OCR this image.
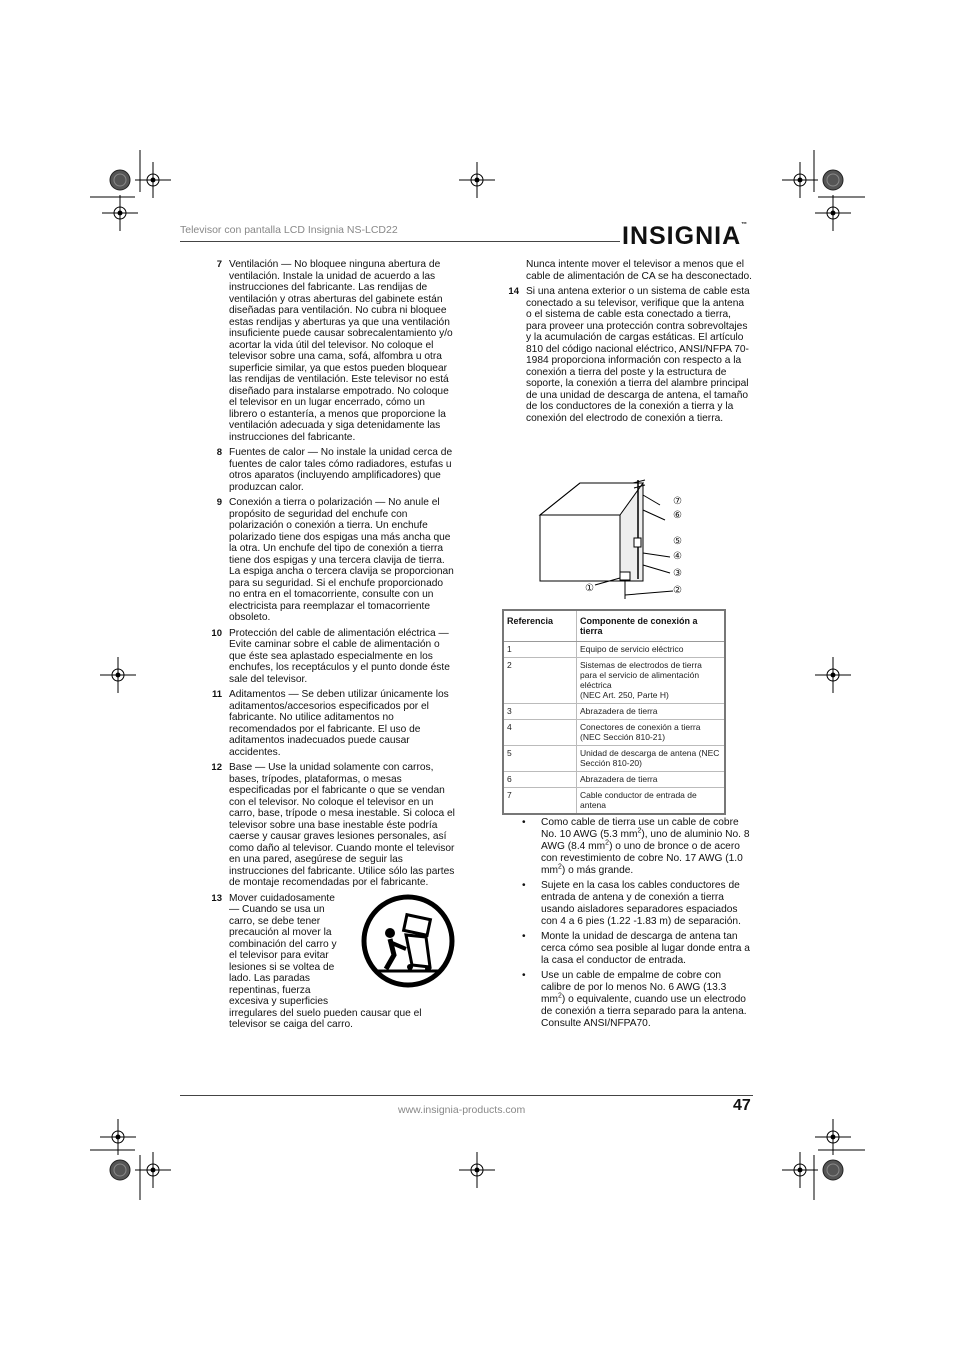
Televisor con pantalla LCD Insignia NS-LCD22	INSIGNIA™
7 Ventilación — No bloquee ninguna abertura de ventilación. Instale la unidad de acuerdo a las instrucciones del fabricante. Las rendijas de ventilación y otras aberturas del gabinete están diseñadas para ventilación. No cubra ni bloquee estas rendijas y aberturas ya que una ventilación insuficiente puede causar sobrecalentamiento y/o acortar la vida útil del televisor. No coloque el televisor sobre una cama, sofá, alfombra u otra superficie similar, ya que estos pueden bloquear las rendijas de ventilación. Este televisor no está diseñado para instalarse empotrado. No coloque el televisor en un lugar encerrado, cómo un librero o estantería, a menos que proporcione la ventilación adecuada y siga detenidamente las instrucciones del fabricante.
8 Fuentes de calor — No instale la unidad cerca de fuentes de calor tales cómo radiadores, estufas u otros aparatos (incluyendo amplificadores) que produzcan calor.
9 Conexión a tierra o polarización — No anule el propósito de seguridad del enchufe con polarización o conexión a tierra. Un enchufe polarizado tiene dos espigas una más ancha que la otra. Un enchufe del tipo de conexión a tierra tiene dos espigas y una tercera clavija de tierra. La espiga ancha o tercera clavija se proporcionan para su seguridad. Si el enchufe proporcionado no entra en el tomacorriente, consulte con un electricista para reemplazar el tomacorriente obsoleto.
10 Protección del cable de alimentación eléctrica — Evite caminar sobre el cable de alimentación o que éste sea aplastado especialmente en los enchufes, los receptáculos y el punto donde éste sale del televisor.
11 Aditamentos — Se deben utilizar únicamente los aditamentos/accesorios especificados por el fabricante. No utilice aditamentos no recomendados por el fabricante. El uso de aditamentos inadecuados puede causar accidentes.
12 Base — Use la unidad solamente con carros, bases, trípodes, plataformas, o mesas especificadas por el fabricante o que se vendan con el televisor. No coloque el televisor en un carro, base, trípode o mesa inestable. Si coloca el televisor sobre una base inestable éste podría caerse y causar graves lesiones personales, así como daño al televisor. Cuando monte el televisor en una pared, asegúrese de seguir las instrucciones del fabricante. Utilice sólo las partes de montaje recomendadas por el fabricante.
13 Mover cuidadosamente — Cuando se usa un carro, se debe tener precaución al mover la combinación del carro y el televisor para evitar lesiones si se voltea de lado. Las paradas repentinas, fuerza excesiva y superficies
irregulares del suelo pueden causar que el televisor se caiga del carro.
Nunca intente mover el televisor a menos que el cable de alimentación de CA se ha desconectado.
14 Si una antena exterior o un sistema de cable esta conectado a su televisor, verifique que la antena o el sistema de cable esta conectado a tierra, para proveer una protección contra sobrevoltajes y la acumulación de cargas estáticas. El artículo 810 del código nacional eléctrico, ANSI/NFPA 70-1984 proporciona información con respecto a la conexión a tierra del poste y la estructura de soporte, la conexión a tierra del alambre principal de una unidad de descarga de antena, el tamaño de los conductores de la conexión a tierra y la conexión del electrodo de conexión a tierra.
⑦
⑥
⑤
④
③
②
①
Referencia	Componente de conexión a tierra
1	Equipo de servicio eléctrico
2	Sistemas de electrodos de tierra para el servicio de alimentación eléctrica
(NEC Art. 250, Parte H)
3	Abrazadera de tierra
4	Conectores de conexión a tierra (NEC Sección 810-21)
5	Unidad de descarga de antena (NEC Sección 810-20)
6	Abrazadera de tierra
7	Cable conductor de entrada de antena
•	Como cable de tierra use un cable de cobre No. 10 AWG (5.3 $mm^2$), uno de aluminio No. 8 AWG (8.4 $mm^2$) o uno de bronce o de acero con revestimiento de cobre No. 17 AWG (1.0 $mm^2$) o más grande.
•	Sujete en la casa los cables conductores de entrada de antena y de conexión a tierra usando aisladores separadores espaciados con 4 a 6 pies (1.22 -1.83 m) de separación.
•	Monte la unidad de descarga de antena tan cerca cómo sea posible al lugar donde entra a la casa el conductor de entrada.
•	Use un cable de empalme de cobre con calibre de por lo menos No. 6 AWG (13.3 $mm^2$) o equivalente, cuando use un electrodo de conexión a tierra separado para la antena. Consulte ANSI/NFPA70.
www.insignia-products.com	47
